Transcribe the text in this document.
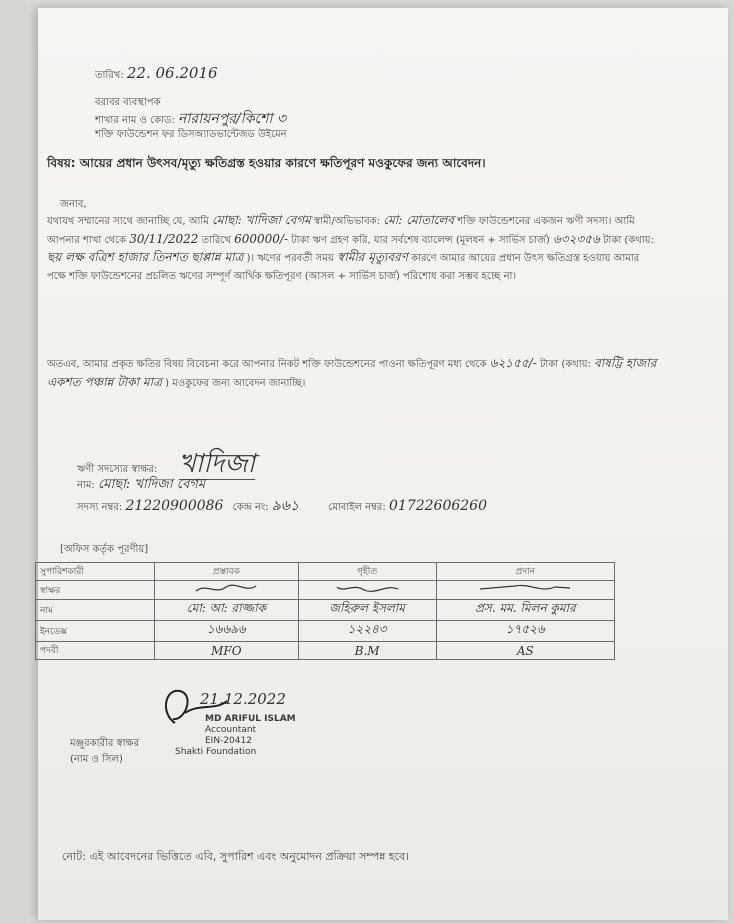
তারিখ: 22. 06.2016
বরাবর ব্যবস্থাপক
শাখার নাম ও কোড: নারায়নপুর/কিশো ৩
শক্তি ফাউন্ডেশন ফর ডিসঅ্যাডভান্টেজড উইমেন
বিষয়: আয়ের প্রধান উৎসব/মৃত্যু ক্ষতিগ্রস্ত হওয়ার কারণে ক্ষতিপূরণ মওকুফের জন্য আবেদন।
জনাব,
যথাযথ সম্মানের সাথে জানাচ্ছি যে, আমি মোছা: খাদিজা বেগম স্বামী/অভিভাবক: মো: মোতালেব শক্তি ফাউন্ডেশনের একজন ঋণী সদস্য। আমি আপনার শাখা থেকে 30/11/2022 তারিখে 600000/- টাকা ঋণ গ্রহণ করি, যার সর্বশেষ ব্যালেন্স (মূলধন + সার্ভিস চার্জ) ৬৩২৩৫৬ টাকা (কথায়: ছয় লক্ষ বত্রিশ হাজার তিনশত ছাপ্পান্ন মাত্র )। ঋণের পরবর্তী সময় স্বামীর মৃত্যুবরণ কারণে আমার আয়ের প্রধান উৎস ক্ষতিগ্রস্ত হওয়ায় আমার পক্ষে শক্তি ফাউন্ডেশনের প্রচলিত ঋণের সম্পূর্ণ আর্থিক ক্ষতিপূরণ (আসল + সার্ভিস চার্জ) পরিশোধ করা সম্ভব হচ্ছে না।
অতএব, আমার প্রকৃত ক্ষতির বিষয় বিবেচনা করে আপনার নিকট শক্তি ফাউন্ডেশনের পাওনা ক্ষতিপূরণ মধ্য থেকে ৬২১৫৫/- টাকা (কথায়: বাষট্টি হাজার একশত পঞ্চান্ন টাকা মাত্র ) মওকুফের জন্য আবেদন জানাচ্ছি।
ঋণী সদস্যের স্বাক্ষর: খাদিজা
নাম: মোছা: খাদিজা বেগম
সদস্য নম্বর: 21220900086 কেন্দ্র নং: ৯৬১	মোবাইল নম্বর: 01722606260
[অফিস কর্তৃক পূরণীয়]
সুপারিশকারী	প্রস্তাবক	গৃহীত	প্রদান
স্বাক্ষর			
নাম	মো: আ: রাজ্জাক	জহিরুল ইসলাম	প্রস. মম. মিলন কুমার
ইনডেক্স	১৬৬৯৬	১২২৪৩	১৭৫২৬
পদবী	MFO	B.M	AS
21.12.2022
MD ARIFUL ISLAM
Accountant
EIN-20412
Shakti Foundation
মঞ্জুরকারীর স্বাক্ষর
(নাম ও সিল)
নোট: এই আবেদনের ভিত্তিতে এবি, সুপারিশ এবং অনুমোদন প্রক্রিয়া সম্পন্ন হবে।
